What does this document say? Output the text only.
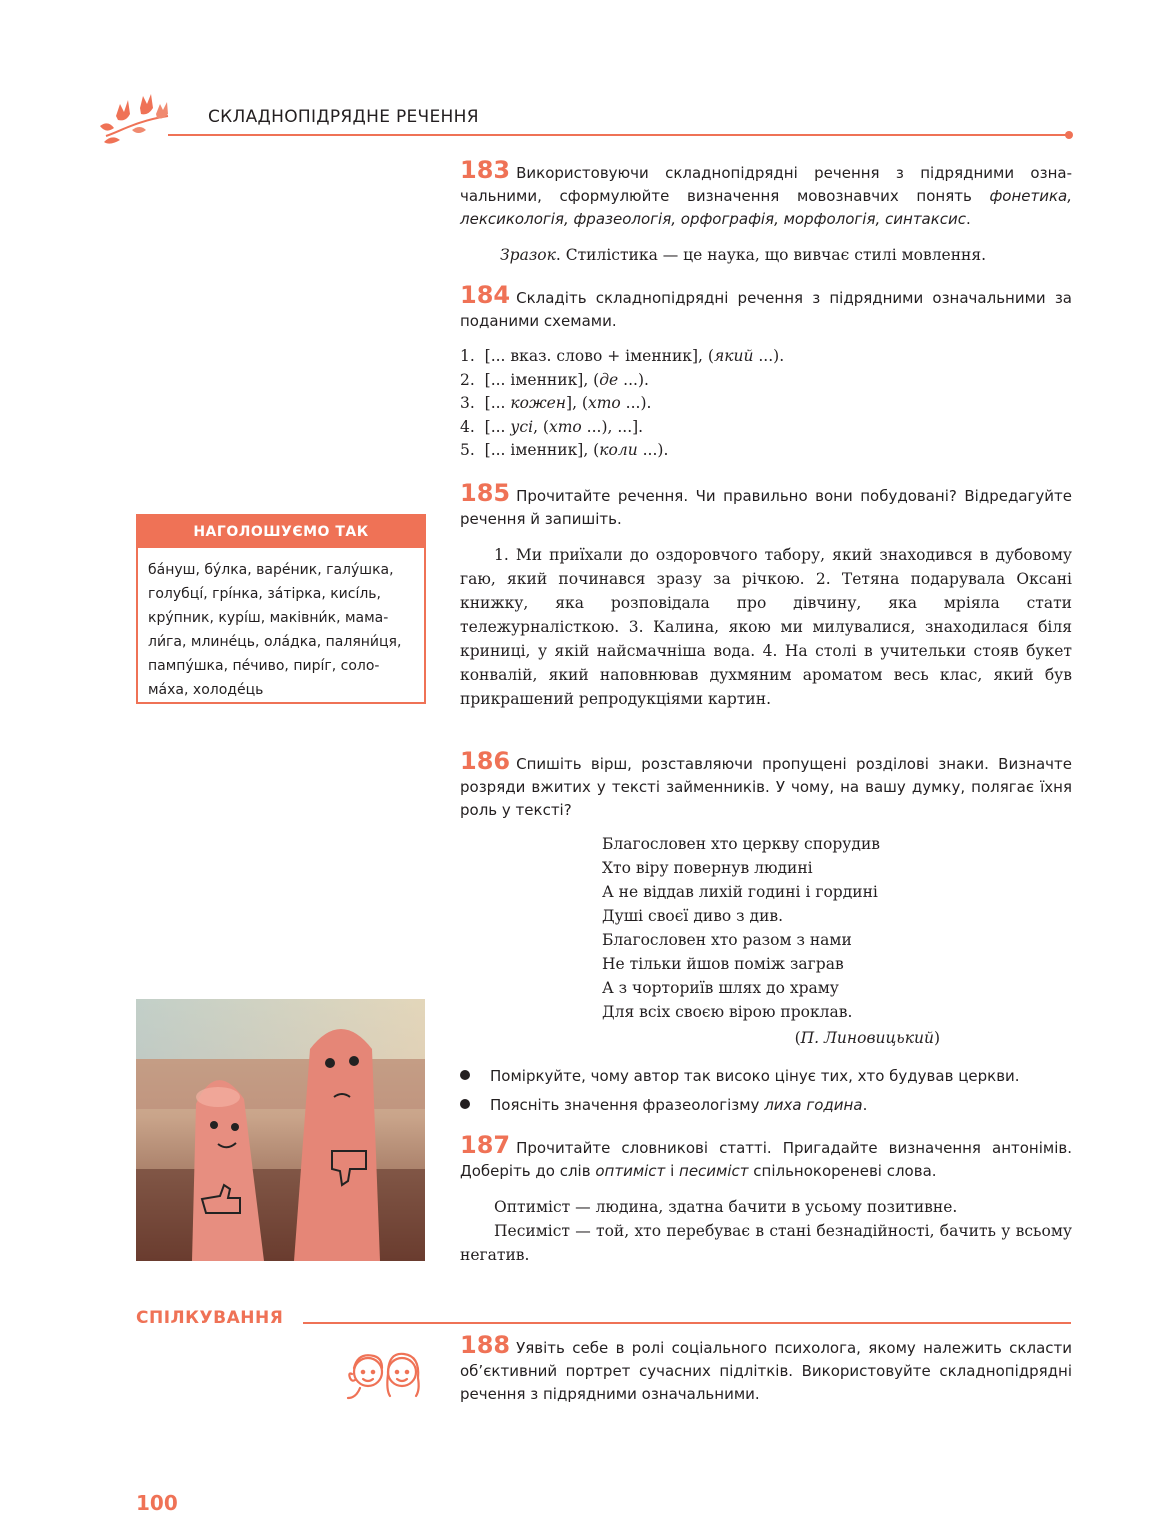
СКЛАДНОПІДРЯДНЕ РЕЧЕННЯ
183 Використовуючи складнопідрядні речення з підрядними означальними, сформулюйте визначення мовознавчих понять фонетика, лексикологія, фразеологія, орфографія, морфологія, синтаксис.
Зразок. Стилістика — це наука, що вивчає стилі мовлення.
184 Складіть складнопідрядні речення з підрядними означальними за поданими схемами.
1. [... вказ. слово + іменник], (який ...).
2. [... іменник], (де ...).
3. [... кожен], (хто ...).
4. [... усі, (хто ...), ...].
5. [... іменник], (коли ...).
185 Прочитайте речення. Чи правильно вони побудовані? Відредагуйте речення й запишіть.
1. Ми приїхали до оздоровчого табору, який знаходився в дубовому гаю, який починався зразу за річкою. 2. Тетяна подарувала Оксані книжку, яка розповідала про дівчину, яка мріяла стати тележурналісткою. 3. Калина, якою ми милувалися, знаходилася біля криниці, у якій найсмачніша вода. 4. На столі в учительки стояв букет конвалій, який наповнював духмяним ароматом весь клас, який був прикрашений репродукціями картин.
НАГОЛОШУЄМО ТАК
ба́нуш, бу́лка, варе́ник, галу́шка, голубці́, грі́нка, за́тірка, кисі́ль, кру́пник, курі́ш, маківни́к, мамали́га, млине́ць, ола́дка, паляни́ця, пампу́шка, пе́чиво, пирі́г, солома́ха, холоде́ць
186 Спишіть вірш, розставляючи пропущені розділові знаки. Визначте розряди вжитих у тексті займенників. У чому, на вашу думку, полягає їхня роль у тексті?
Благословен хто церкву спорудив
Хто віру повернув людині
А не віддав лихій годині і гордині
Душі своєї диво з див.
Благословен хто разом з нами
Не тільки йшов поміж заграв
А з чорториїв шлях до храму
Для всіх своєю вірою проклав.
(П. Линовицький)
Поміркуйте, чому автор так високо цінує тих, хто будував церкви.
Поясніть значення фразеологізму лиха година.
187 Прочитайте словникові статті. Пригадайте визначення антонімів. Доберіть до слів оптиміст і песиміст спільнокореневі слова.
Оптиміст — людина, здатна бачити в усьому позитивне.
Песиміст — той, хто перебуває в стані безнадійності, бачить у всьому негатив.
СПІЛКУВАННЯ
188 Уявіть себе в ролі соціального психолога, якому належить скласти об’єктивний портрет сучасних підлітків. Використовуйте складнопідрядні речення з підрядними означальними.
100
